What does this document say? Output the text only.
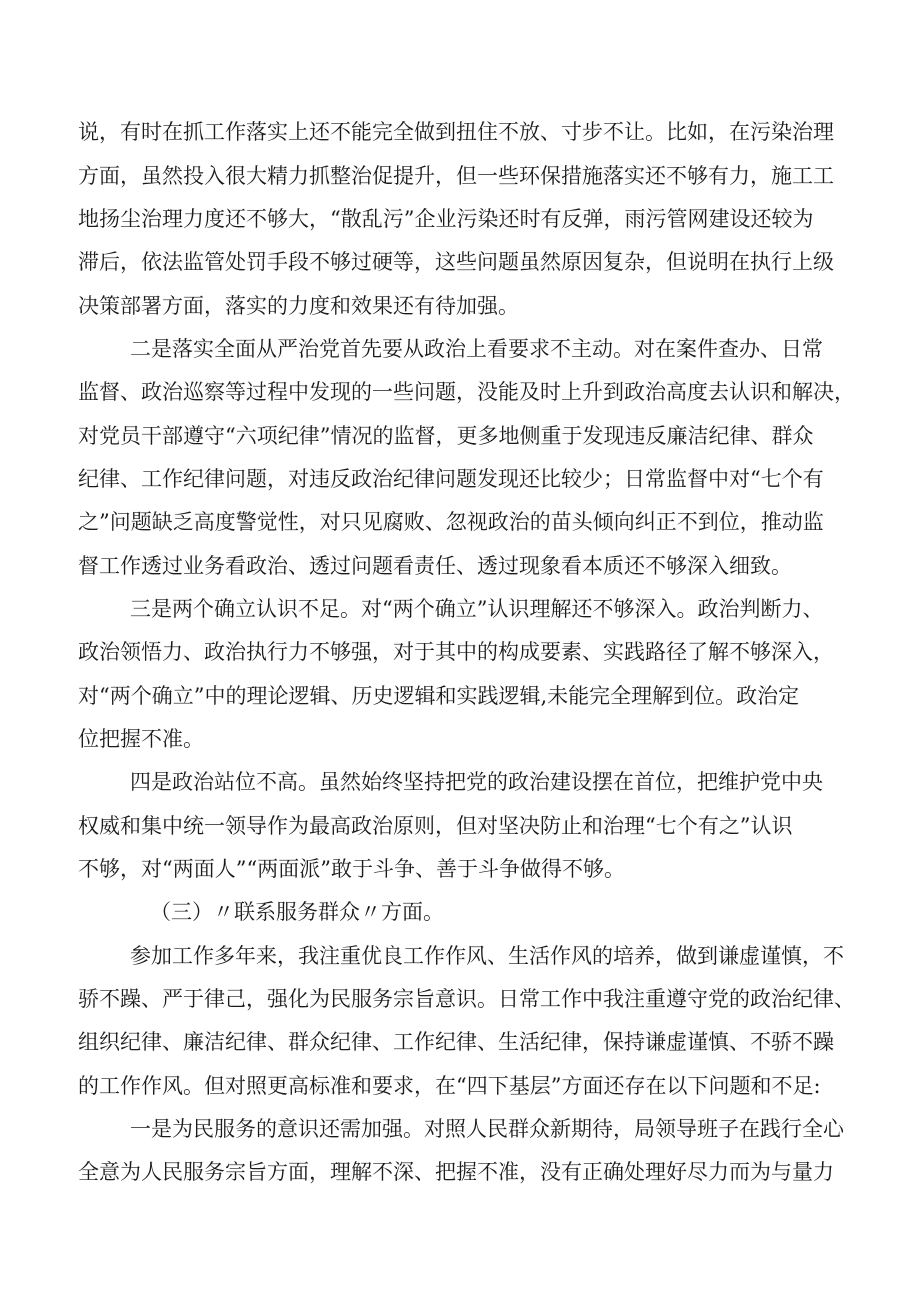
说，有时在抓工作落实上还不能完全做到扭住不放、寸步不让。比如，在污染治理

方面，虽然投入很大精力抓整治促提升，但一些环保措施落实还不够有力，施工工

地扬尘治理力度还不够大，“散乱污”企业污染还时有反弹，雨污管网建设还较为

滞后，依法监管处罚手段不够过硬等，这些问题虽然原因复杂，但说明在执行上级

决策部署方面，落实的力度和效果还有待加强。

二是落实全面从严治党首先要从政治上看要求不主动。对在案件查办、日常

监督、政治巡察等过程中发现的一些问题，没能及时上升到政治高度去认识和解决，

对党员干部遵守“六项纪律”情况的监督，更多地侧重于发现违反廉洁纪律、群众

纪律、工作纪律问题，对违反政治纪律问题发现还比较少；日常监督中对“七个有

之”问题缺乏高度警觉性，对只见腐败、忽视政治的苗头倾向纠正不到位，推动监

督工作透过业务看政治、透过问题看责任、透过现象看本质还不够深入细致。

三是两个确立认识不足。对“两个确立”认识理解还不够深入。政治判断力、

政治领悟力、政治执行力不够强，对于其中的构成要素、实践路径了解不够深入，

对“两个确立”中的理论逻辑、历史逻辑和实践逻辑,未能完全理解到位。政治定

位把握不准。

四是政治站位不高。虽然始终坚持把党的政治建设摆在首位，把维护党中央

权威和集中统一领导作为最高政治原则，但对坚决防止和治理“七个有之”认识

不够，对“两面人”“两面派”敢于斗争、善于斗争做得不够。

（三）〃联系服务群众〃方面。

参加工作多年来，我注重优良工作作风、生活作风的培养，做到谦虚谨慎，不

骄不躁、严于律己，强化为民服务宗旨意识。日常工作中我注重遵守党的政治纪律、

组织纪律、廉洁纪律、群众纪律、工作纪律、生活纪律，保持谦虚谨慎、不骄不躁

的工作作风。但对照更高标准和要求，在“四下基层”方面还存在以下问题和不足:

一是为民服务的意识还需加强。对照人民群众新期待，局领导班子在践行全心

全意为人民服务宗旨方面，理解不深、把握不准，没有正确处理好尽力而为与量力
